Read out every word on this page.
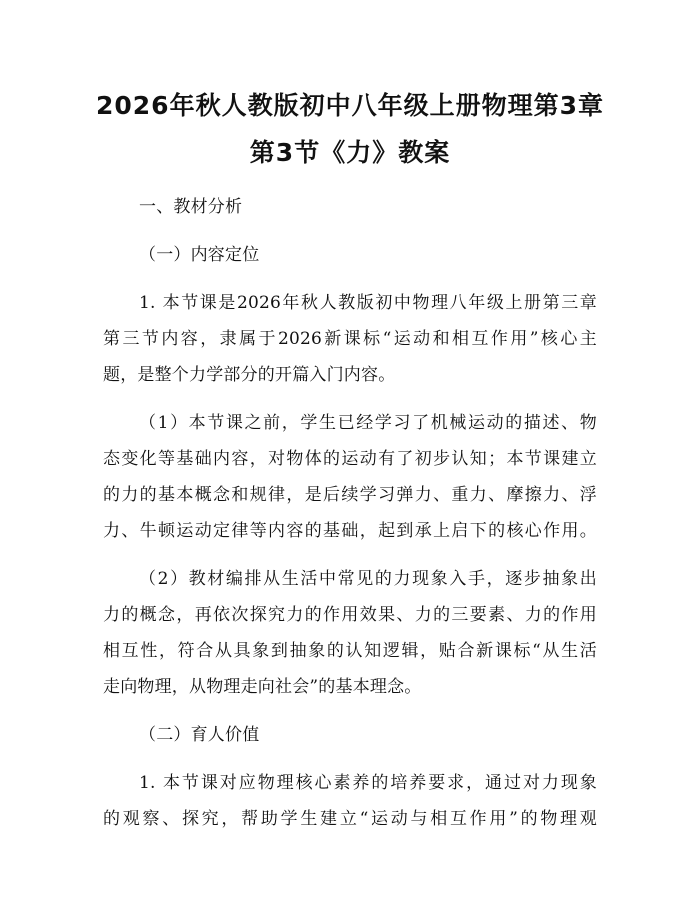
2026年秋人教版初中八年级上册物理第3章
第3节《力》教案
一、教材分析
（一）内容定位
1. 本节课是2026年秋人教版初中物理八年级上册第三章
第三节内容，隶属于2026新课标“运动和相互作用”核心主
题，是整个力学部分的开篇入门内容。
（1）本节课之前，学生已经学习了机械运动的描述、物
态变化等基础内容，对物体的运动有了初步认知；本节课建立
的力的基本概念和规律，是后续学习弹力、重力、摩擦力、浮
力、牛顿运动定律等内容的基础，起到承上启下的核心作用。
（2）教材编排从生活中常见的力现象入手，逐步抽象出
力的概念，再依次探究力的作用效果、力的三要素、力的作用
相互性，符合从具象到抽象的认知逻辑，贴合新课标“从生活
走向物理，从物理走向社会”的基本理念。
（二）育人价值
1. 本节课对应物理核心素养的培养要求，通过对力现象
的观察、探究，帮助学生建立“运动与相互作用”的物理观
